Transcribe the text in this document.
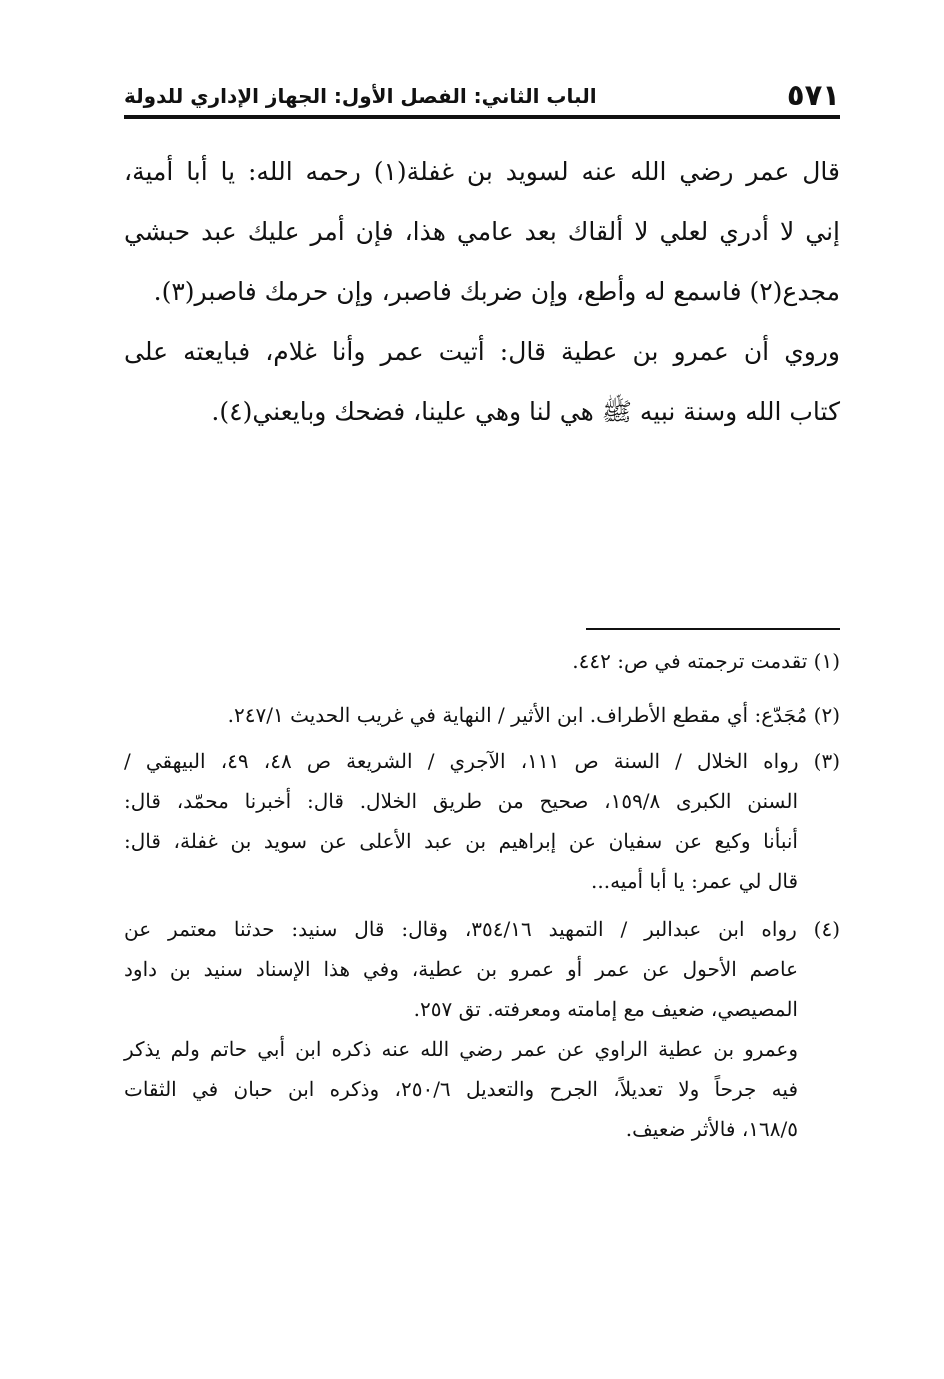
٥٧١
الباب الثاني: الفصل الأول: الجهاز الإداري للدولة
قال عمر رضي الله عنه لسويد بن غفلة(١) رحمه الله: يا أبا أمية،
إني لا أدري لعلي لا ألقاك بعد عامي هذا، فإن أمر عليك عبد حبشي
مجدع(٢) فاسمع له وأطع، وإن ضربك فاصبر، وإن حرمك فاصبر(٣).
وروي أن عمرو بن عطية قال: أتيت عمر وأنا غلام، فبايعته على
كتاب الله وسنة نبيه ﷺ هي لنا وهي علينا، فضحك وبايعني(٤).
(١) تقدمت ترجمته في ص: ٤٤٢.
(٢) مُجَدّع: أي مقطع الأطراف. ابن الأثير / النهاية في غريب الحديث ٢٤٧/١.
(٣) رواه الخلال / السنة ص ١١١، الآجري / الشريعة ص ٤٨، ٤٩، البيهقي /
السنن الكبرى ١٥٩/٨، صحيح من طريق الخلال. قال: أخبرنا محمّد، قال:
أنبأنا وكيع عن سفيان عن إبراهيم بن عبد الأعلى عن سويد بن غفلة، قال:
قال لي عمر: يا أبا أميه...
(٤) رواه ابن عبدالبر / التمهيد ٣٥٤/١٦، وقال: قال سنيد: حدثنا معتمر عن
عاصم الأحول عن عمر أو عمرو بن عطية، وفي هذا الإسناد سنيد بن داود
المصيصي، ضعيف مع إمامته ومعرفته. تق ٢٥٧.
وعمرو بن عطية الراوي عن عمر رضي الله عنه ذكره ابن أبي حاتم ولم يذكر
فيه جرحاً ولا تعديلاً، الجرح والتعديل ٢٥٠/٦، وذكره ابن حبان في الثقات
١٦٨/٥، فالأثر ضعيف.
